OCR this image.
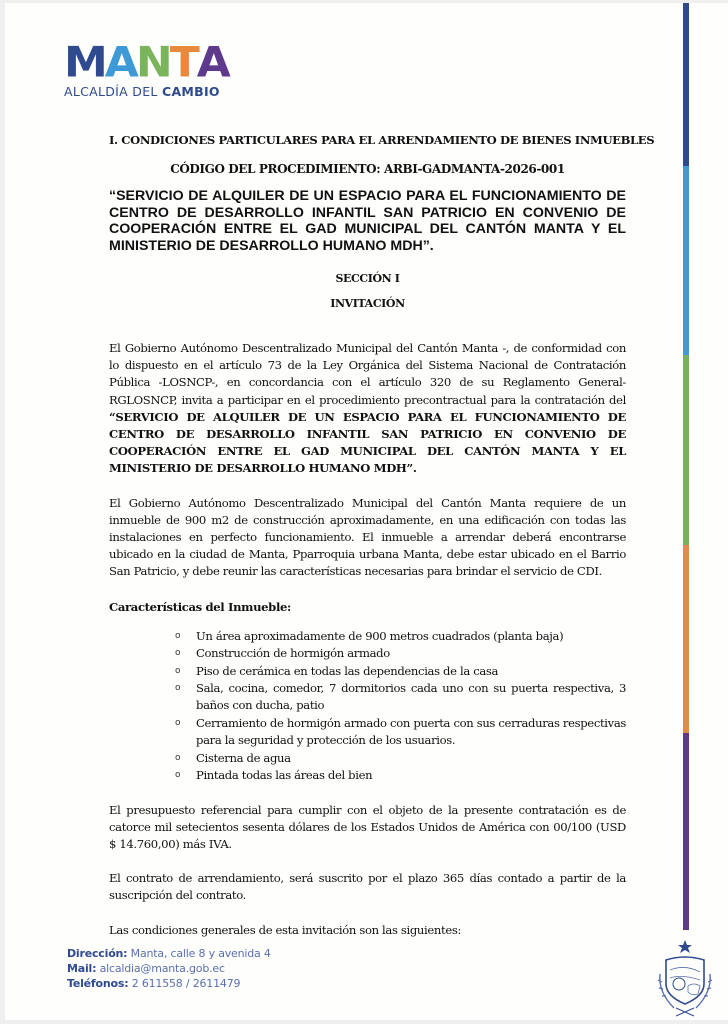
M A N T A
ALCALDÍA DEL CAMBIO
I. CONDICIONES PARTICULARES PARA EL ARRENDAMIENTO DE BIENES INMUEBLES
CÓDIGO DEL PROCEDIMIENTO: ARBI-GADMANTA-2026-001
“SERVICIO DE ALQUILER DE UN ESPACIO PARA EL FUNCIONAMIENTO DE CENTRO DE DESARROLLO INFANTIL SAN PATRICIO EN CONVENIO DE COOPERACIÓN ENTRE EL GAD MUNICIPAL DEL CANTÓN MANTA Y EL MINISTERIO DE DESARROLLO HUMANO MDH”.
SECCIÓN I
INVITACIÓN
El Gobierno Autónomo Descentralizado Municipal del Cantón Manta -, de conformidad con lo dispuesto en el artículo 73 de la Ley Orgánica del Sistema Nacional de Contratación Pública -LOSNCP-, en concordancia con el artículo 320 de su Reglamento General-RGLOSNCP, invita a participar en el procedimiento precontractual para la contratación del “SERVICIO DE ALQUILER DE UN ESPACIO PARA EL FUNCIONAMIENTO DE CENTRO DE DESARROLLO INFANTIL SAN PATRICIO EN CONVENIO DE COOPERACIÓN ENTRE EL GAD MUNICIPAL DEL CANTÓN MANTA Y EL MINISTERIO DE DESARROLLO HUMANO MDH”.
El Gobierno Autónomo Descentralizado Municipal del Cantón Manta requiere de un inmueble de 900 m2 de construcción aproximadamente, en una edificación con todas las instalaciones en perfecto funcionamiento. El inmueble a arrendar deberá encontrarse ubicado en la ciudad de Manta, Pparroquia urbana Manta, debe estar ubicado en el Barrio San Patricio, y debe reunir las características necesarias para brindar el servicio de CDI.
Características del Inmueble:
o Un área aproximadamente de 900 metros cuadrados (planta baja)
o Construcción de hormigón armado
o Piso de cerámica en todas las dependencias de la casa
o Sala, cocina, comedor, 7 dormitorios cada uno con su puerta respectiva, 3 baños con ducha, patio
o Cerramiento de hormigón armado con puerta con sus cerraduras respectivas para la seguridad y protección de los usuarios.
o Cisterna de agua
o Pintada todas las áreas del bien
El presupuesto referencial para cumplir con el objeto de la presente contratación es de catorce mil setecientos sesenta dólares de los Estados Unidos de América con 00/100 (USD $ 14.760,00) más IVA.
El contrato de arrendamiento, será suscrito por el plazo 365 días contado a partir de la suscripción del contrato.
Las condiciones generales de esta invitación son las siguientes:
Dirección: Manta, calle 8 y avenida 4
Mail: alcaldia@manta.gob.ec
Teléfonos: 2 611558 / 2611479
